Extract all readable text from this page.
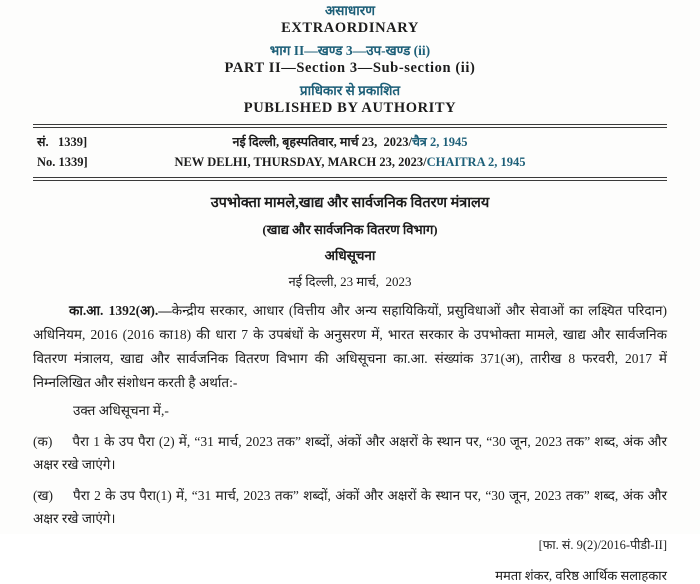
असाधारण
EXTRAORDINARY
भाग II—खण्ड 3—उप-खण्ड (ii)
PART II—Section 3—Sub-section (ii)
प्राधिकार से प्रकाशित
PUBLISHED BY AUTHORITY
सं.   1339]
No. 1339]
नई दिल्ली, बृहस्पतिवार, मार्च 23,  2023/चैत्र 2, 1945
NEW DELHI, THURSDAY, MARCH 23, 2023/CHAITRA 2, 1945
उपभोक्ता मामले,खाद्य और सार्वजनिक वितरण मंत्रालय
(खाद्य और सार्वजनिक वितरण विभाग)
अधिसूचना
नई दिल्ली, 23 मार्च,  2023

का.आ. 1392(अ).—केन्द्रीय सरकार, आधार (वित्तीय और अन्य सहायिकियों, प्रसुविधाओं और सेवाओं का लक्ष्यित परिदान) अधिनियम, 2016 (2016 का18) की धारा 7 के उपबंधों के अनुसरण में, भारत सरकार के उपभोक्ता मामले, खाद्य और सार्वजनिक वितरण मंत्रालय, खाद्य और सार्वजनिक वितरण विभाग की अधिसूचना का.आ. संख्यांक 371(अ), तारीख 8 फरवरी, 2017 में निम्नलिखित और संशोधन करती है अर्थात:-

उक्त अधिसूचना में,-

(क) पैरा 1 के उप पैरा (2) में, “31 मार्च, 2023 तक” शब्दों, अंकों और अक्षरों के स्थान पर, “30 जून, 2023 तक” शब्द, अंक और अक्षर रखे जाएंगे।

(ख) पैरा 2 के उप पैरा(1) में, “31 मार्च, 2023 तक” शब्दों, अंकों और अक्षरों के स्थान पर, “30 जून, 2023 तक” शब्द, अंक और अक्षर रखे जाएंगे।

[फा. सं. 9(2)/2016-पीडी-II]
ममता शंकर, वरिष्ठ आर्थिक सलाहकार
